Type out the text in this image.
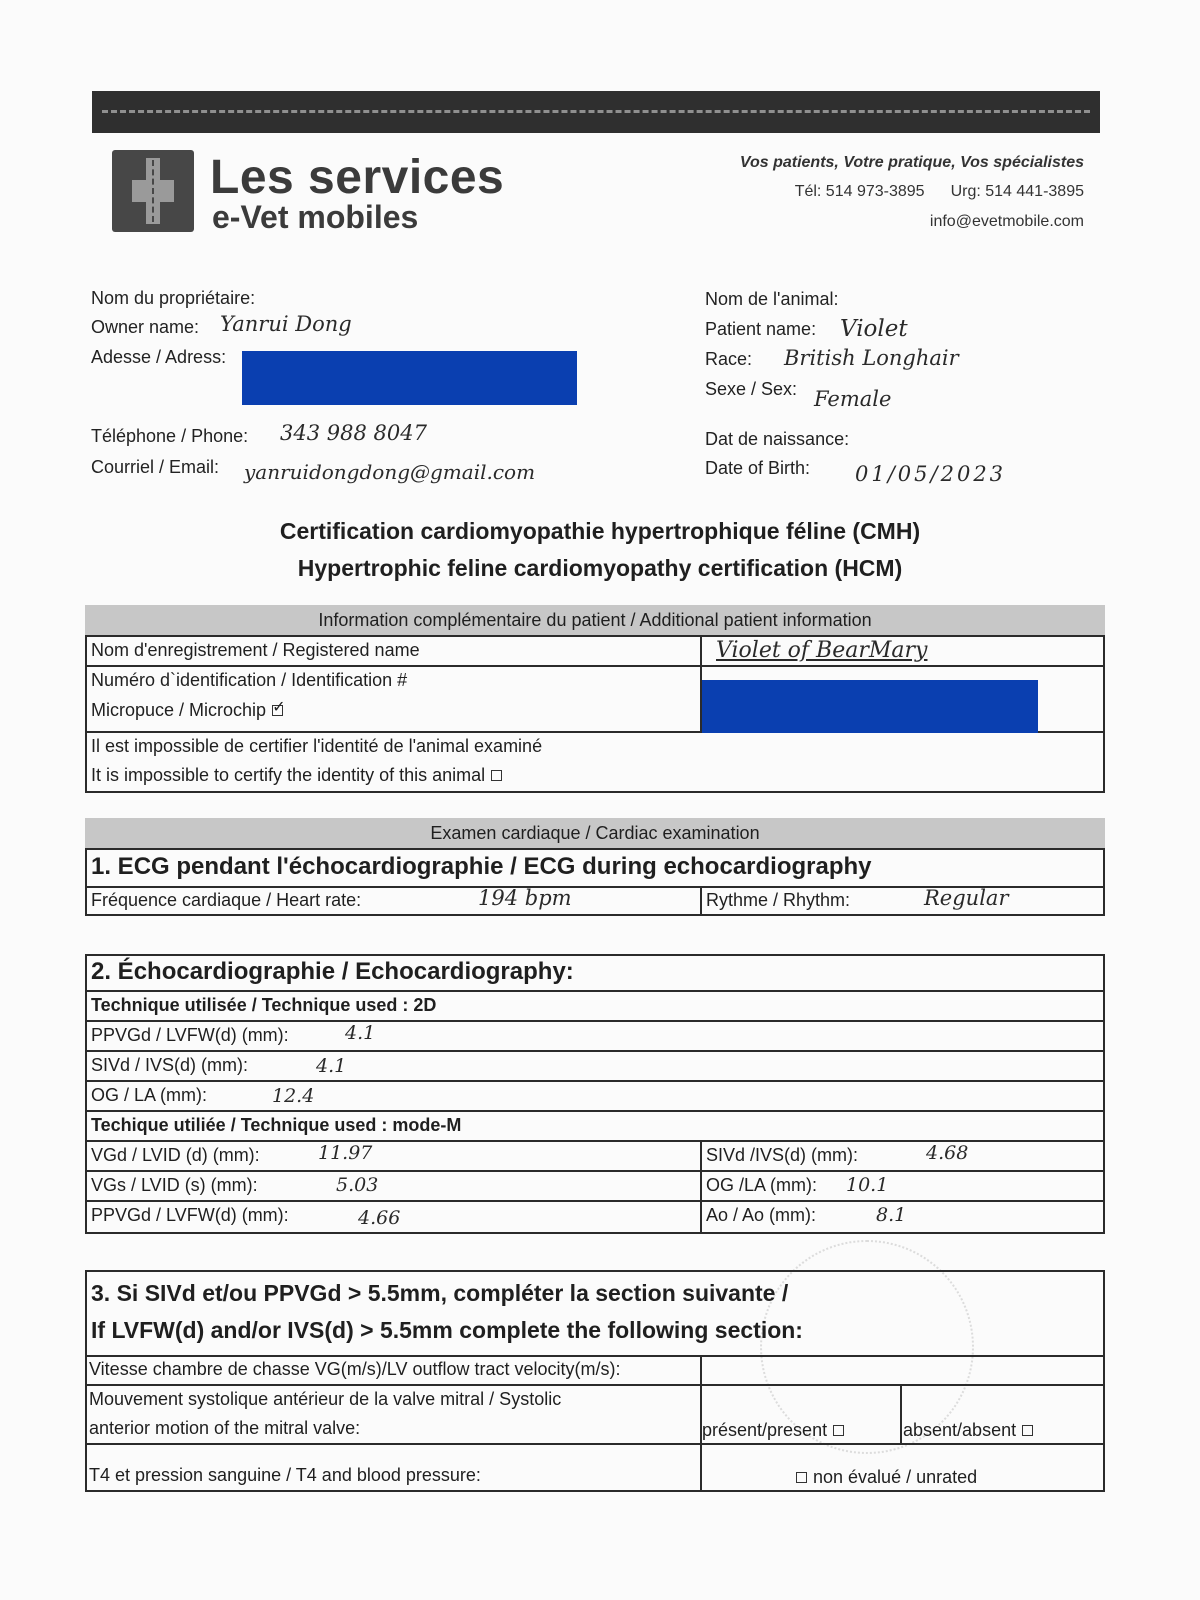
Les services
e-Vet mobiles
Vos patients, Votre pratique, Vos spécialistes
Tél: 514 973-3895 Urg: 514 441-3895
info@evetmobile.com
Nom du propriétaire:
Owner name: Yanrui Dong
Adesse / Adress:
Téléphone / Phone: 343 988 8047
Courriel / Email: yanruidongdong@gmail.com
Nom de l'animal:
Patient name: Violet
Race: British Longhair
Sexe / Sex: Female
Dat de naissance:
Date of Birth: 01/05/2023
Certification cardiomyopathie hypertrophique féline (CMH)
Hypertrophic feline cardiomyopathy certification (HCM)
Information complémentaire du patient / Additional patient information
Nom d'enregistrement / Registered name	Violet of BearMary
Numéro d`identification / Identification #
Micropuce / Microchip✓
Il est impossible de certifier l'identité de l'animal examiné
It is impossible to certify the identity of this animal
Examen cardiaque / Cardiac examination
1. ECG pendant l'échocardiographie / ECG during echocardiography
Fréquence cardiaque / Heart rate:	194 bpm	Rythme / Rhythm:	Regular
2. Échocardiographie / Echocardiography:
Technique utilisée / Technique used : 2D
PPVGd / LVFW(d) (mm):	4.1
SIVd / IVS(d) (mm):	4.1
OG / LA (mm):	12.4
Techique utiliée / Technique used : mode-M
VGd / LVID (d) (mm):	11.97	SIVd /IVS(d) (mm):	4.68
VGs / LVID (s) (mm):	5.03	OG /LA (mm): 10.1
PPVGd / LVFW(d) (mm):	4.66	Ao / Ao (mm):	8.1
3. Si SIVd et/ou PPVGd > 5.5mm, compléter la section suivante /
If LVFW(d) and/or IVS(d) > 5.5mm complete the following section:
Vitesse chambre de chasse VG(m/s)/LV outflow tract velocity(m/s):
Mouvement systolique antérieur de la valve mitral / Systolic
anterior motion of the mitral valve:	présent/present	absent/absent
T4 et pression sanguine / T4 and blood pressure:	non évalué / unrated
